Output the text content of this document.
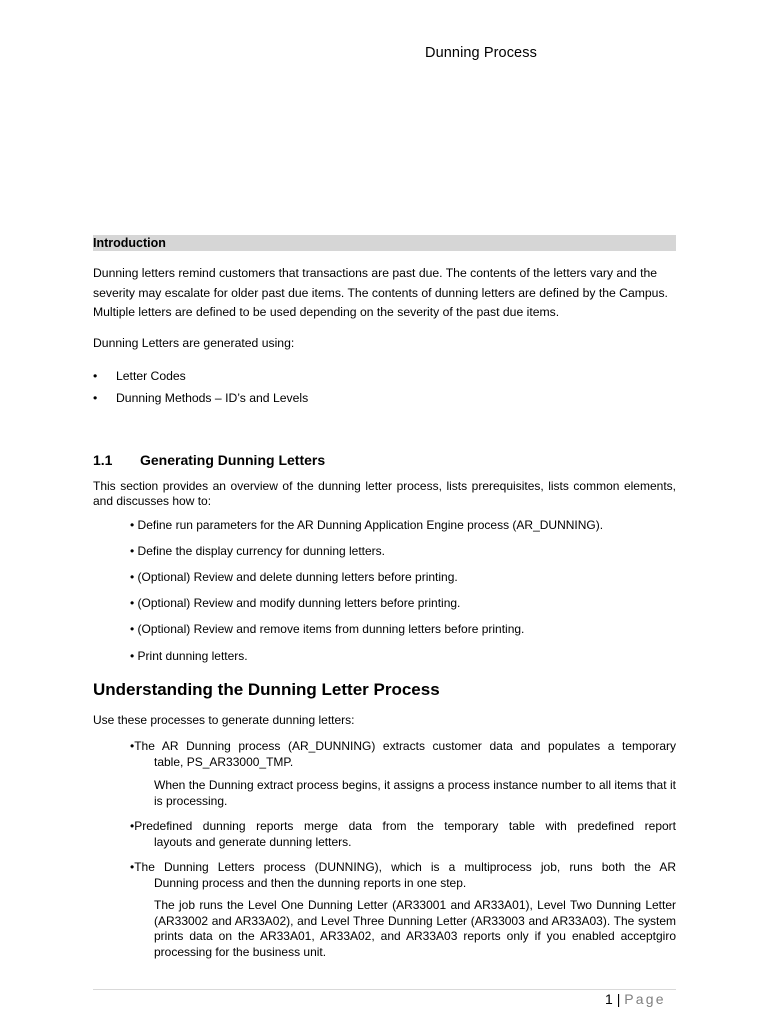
Dunning Process
Introduction
Dunning letters remind customers that transactions are past due. The contents of the letters vary and the severity may escalate for older past due items. The contents of dunning letters are defined by the Campus. Multiple letters are defined to be used depending on the severity of the past due items.
Dunning Letters are generated using:
• Letter Codes
• Dunning Methods – ID’s and Levels
1.1 Generating Dunning Letters
This section provides an overview of the dunning letter process, lists prerequisites, lists common elements, and discusses how to:
• Define run parameters for the AR Dunning Application Engine process (AR_DUNNING).
• Define the display currency for dunning letters.
• (Optional) Review and delete dunning letters before printing.
• (Optional) Review and modify dunning letters before printing.
• (Optional) Review and remove items from dunning letters before printing.
• Print dunning letters.
Understanding the Dunning Letter Process
Use these processes to generate dunning letters:
•The AR Dunning process (AR_DUNNING) extracts customer data and populates a temporary
table, PS_AR33000_TMP.
When the Dunning extract process begins, it assigns a process instance number to all items that it is processing.
•Predefined dunning reports merge data from the temporary table with predefined report
layouts and generate dunning letters.
•The Dunning Letters process (DUNNING), which is a multiprocess job, runs both the AR
Dunning process and then the dunning reports in one step.
The job runs the Level One Dunning Letter (AR33001 and AR33A01), Level Two Dunning Letter (AR33002 and AR33A02), and Level Three Dunning Letter (AR33003 and AR33A03). The system prints data on the AR33A01, AR33A02, and AR33A03 reports only if you enabled acceptgiro processing for the business unit.
1 | Page
